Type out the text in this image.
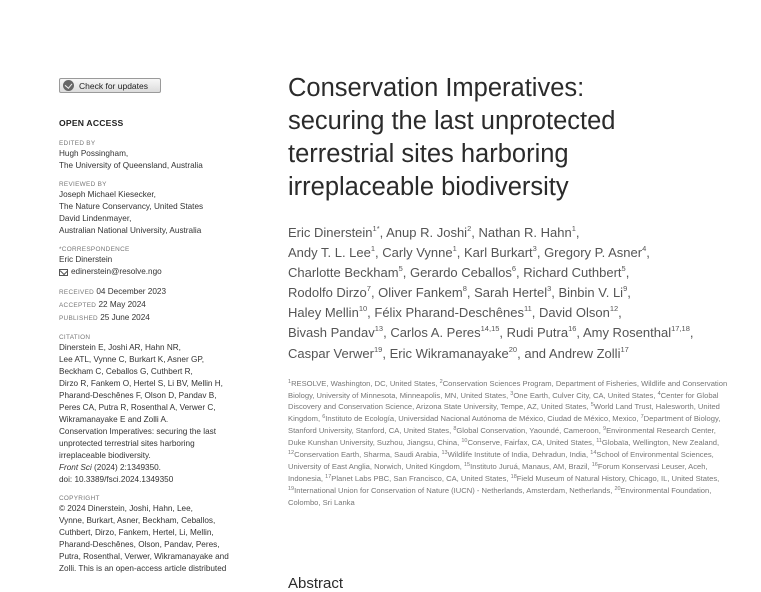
Check for updates
OPEN ACCESS
EDITED BY
Hugh Possingham,
The University of Queensland, Australia
REVIEWED BY
Joseph Michael Kiesecker,
The Nature Conservancy, United States
David Lindenmayer,
Australian National University, Australia
*CORRESPONDENCE
Eric Dinerstein
edinerstein@resolve.ngo
RECEIVED 04 December 2023
ACCEPTED 22 May 2024
PUBLISHED 25 June 2024
CITATION
Dinerstein E, Joshi AR, Hahn NR,
Lee ATL, Vynne C, Burkart K, Asner GP,
Beckham C, Ceballos G, Cuthbert R,
Dirzo R, Fankem O, Hertel S, Li BV, Mellin H,
Pharand-Deschênes F, Olson D, Pandav B,
Peres CA, Putra R, Rosenthal A, Verwer C,
Wikramanayake E and Zolli A.
Conservation Imperatives: securing the last
unprotected terrestrial sites harboring
irreplaceable biodiversity.
Front Sci (2024) 2:1349350.
doi: 10.3389/fsci.2024.1349350
COPYRIGHT
© 2024 Dinerstein, Joshi, Hahn, Lee,
Vynne, Burkart, Asner, Beckham, Ceballos,
Cuthbert, Dirzo, Fankem, Hertel, Li, Mellin,
Pharand-Deschênes, Olson, Pandav, Peres,
Putra, Rosenthal, Verwer, Wikramanayake and
Zolli. This is an open-access article distributed
Conservation Imperatives:
securing the last unprotected
terrestrial sites harboring
irreplaceable biodiversity
Eric Dinerstein$^{1*}$, Anup R. Joshi$^2$, Nathan R. Hahn$^1$,
Andy T. L. Lee$^1$, Carly Vynne$^1$, Karl Burkart$^3$, Gregory P. Asner$^4$,
Charlotte Beckham$^5$, Gerardo Ceballos$^6$, Richard Cuthbert$^5$,
Rodolfo Dirzo$^7$, Oliver Fankem$^8$, Sarah Hertel$^3$, Binbin V. Li$^9$,
Haley Mellin$^{10}$, Félix Pharand-Deschênes$^{11}$, David Olson$^{12}$,
Bivash Pandav$^{13}$, Carlos A. Peres$^{14,15}$, Rudi Putra$^{16}$, Amy Rosenthal$^{17,18}$,
Caspar Verwer$^{19}$, Eric Wikramanayake$^{20}$, and Andrew Zolli$^{17}$
$^1$RESOLVE, Washington, DC, United States, $^2$Conservation Sciences Program, Department of Fisheries, Wildlife and Conservation Biology, University of Minnesota, Minneapolis, MN, United States, $^3$One Earth, Culver City, CA, United States, $^4$Center for Global Discovery and Conservation Science, Arizona State University, Tempe, AZ, United States, $^5$World Land Trust, Halesworth, United Kingdom, $^6$Instituto de Ecología, Universidad Nacional Autónoma de México, Ciudad de México, Mexico, $^7$Department of Biology, Stanford University, Stanford, CA, United States, $^8$Global Conservation, Yaoundé, Cameroon, $^9$Environmental Research Center, Duke Kunshan University, Suzhou, Jiangsu, China, $^{10}$Conserve, Fairfax, CA, United States, $^{11}$Globaïa, Wellington, New Zealand, $^{12}$Conservation Earth, Sharma, Saudi Arabia, $^{13}$Wildlife Institute of India, Dehradun, India, $^{14}$School of Environmental Sciences, University of East Anglia, Norwich, United Kingdom, $^{15}$Instituto Juruá, Manaus, AM, Brazil, $^{16}$Forum Konservasi Leuser, Aceh, Indonesia, $^{17}$Planet Labs PBC, San Francisco, CA, United States, $^{18}$Field Museum of Natural History, Chicago, IL, United States, $^{19}$International Union for Conservation of Nature (IUCN) - Netherlands, Amsterdam, Netherlands, $^{20}$Environmental Foundation, Colombo, Sri Lanka
Abstract
